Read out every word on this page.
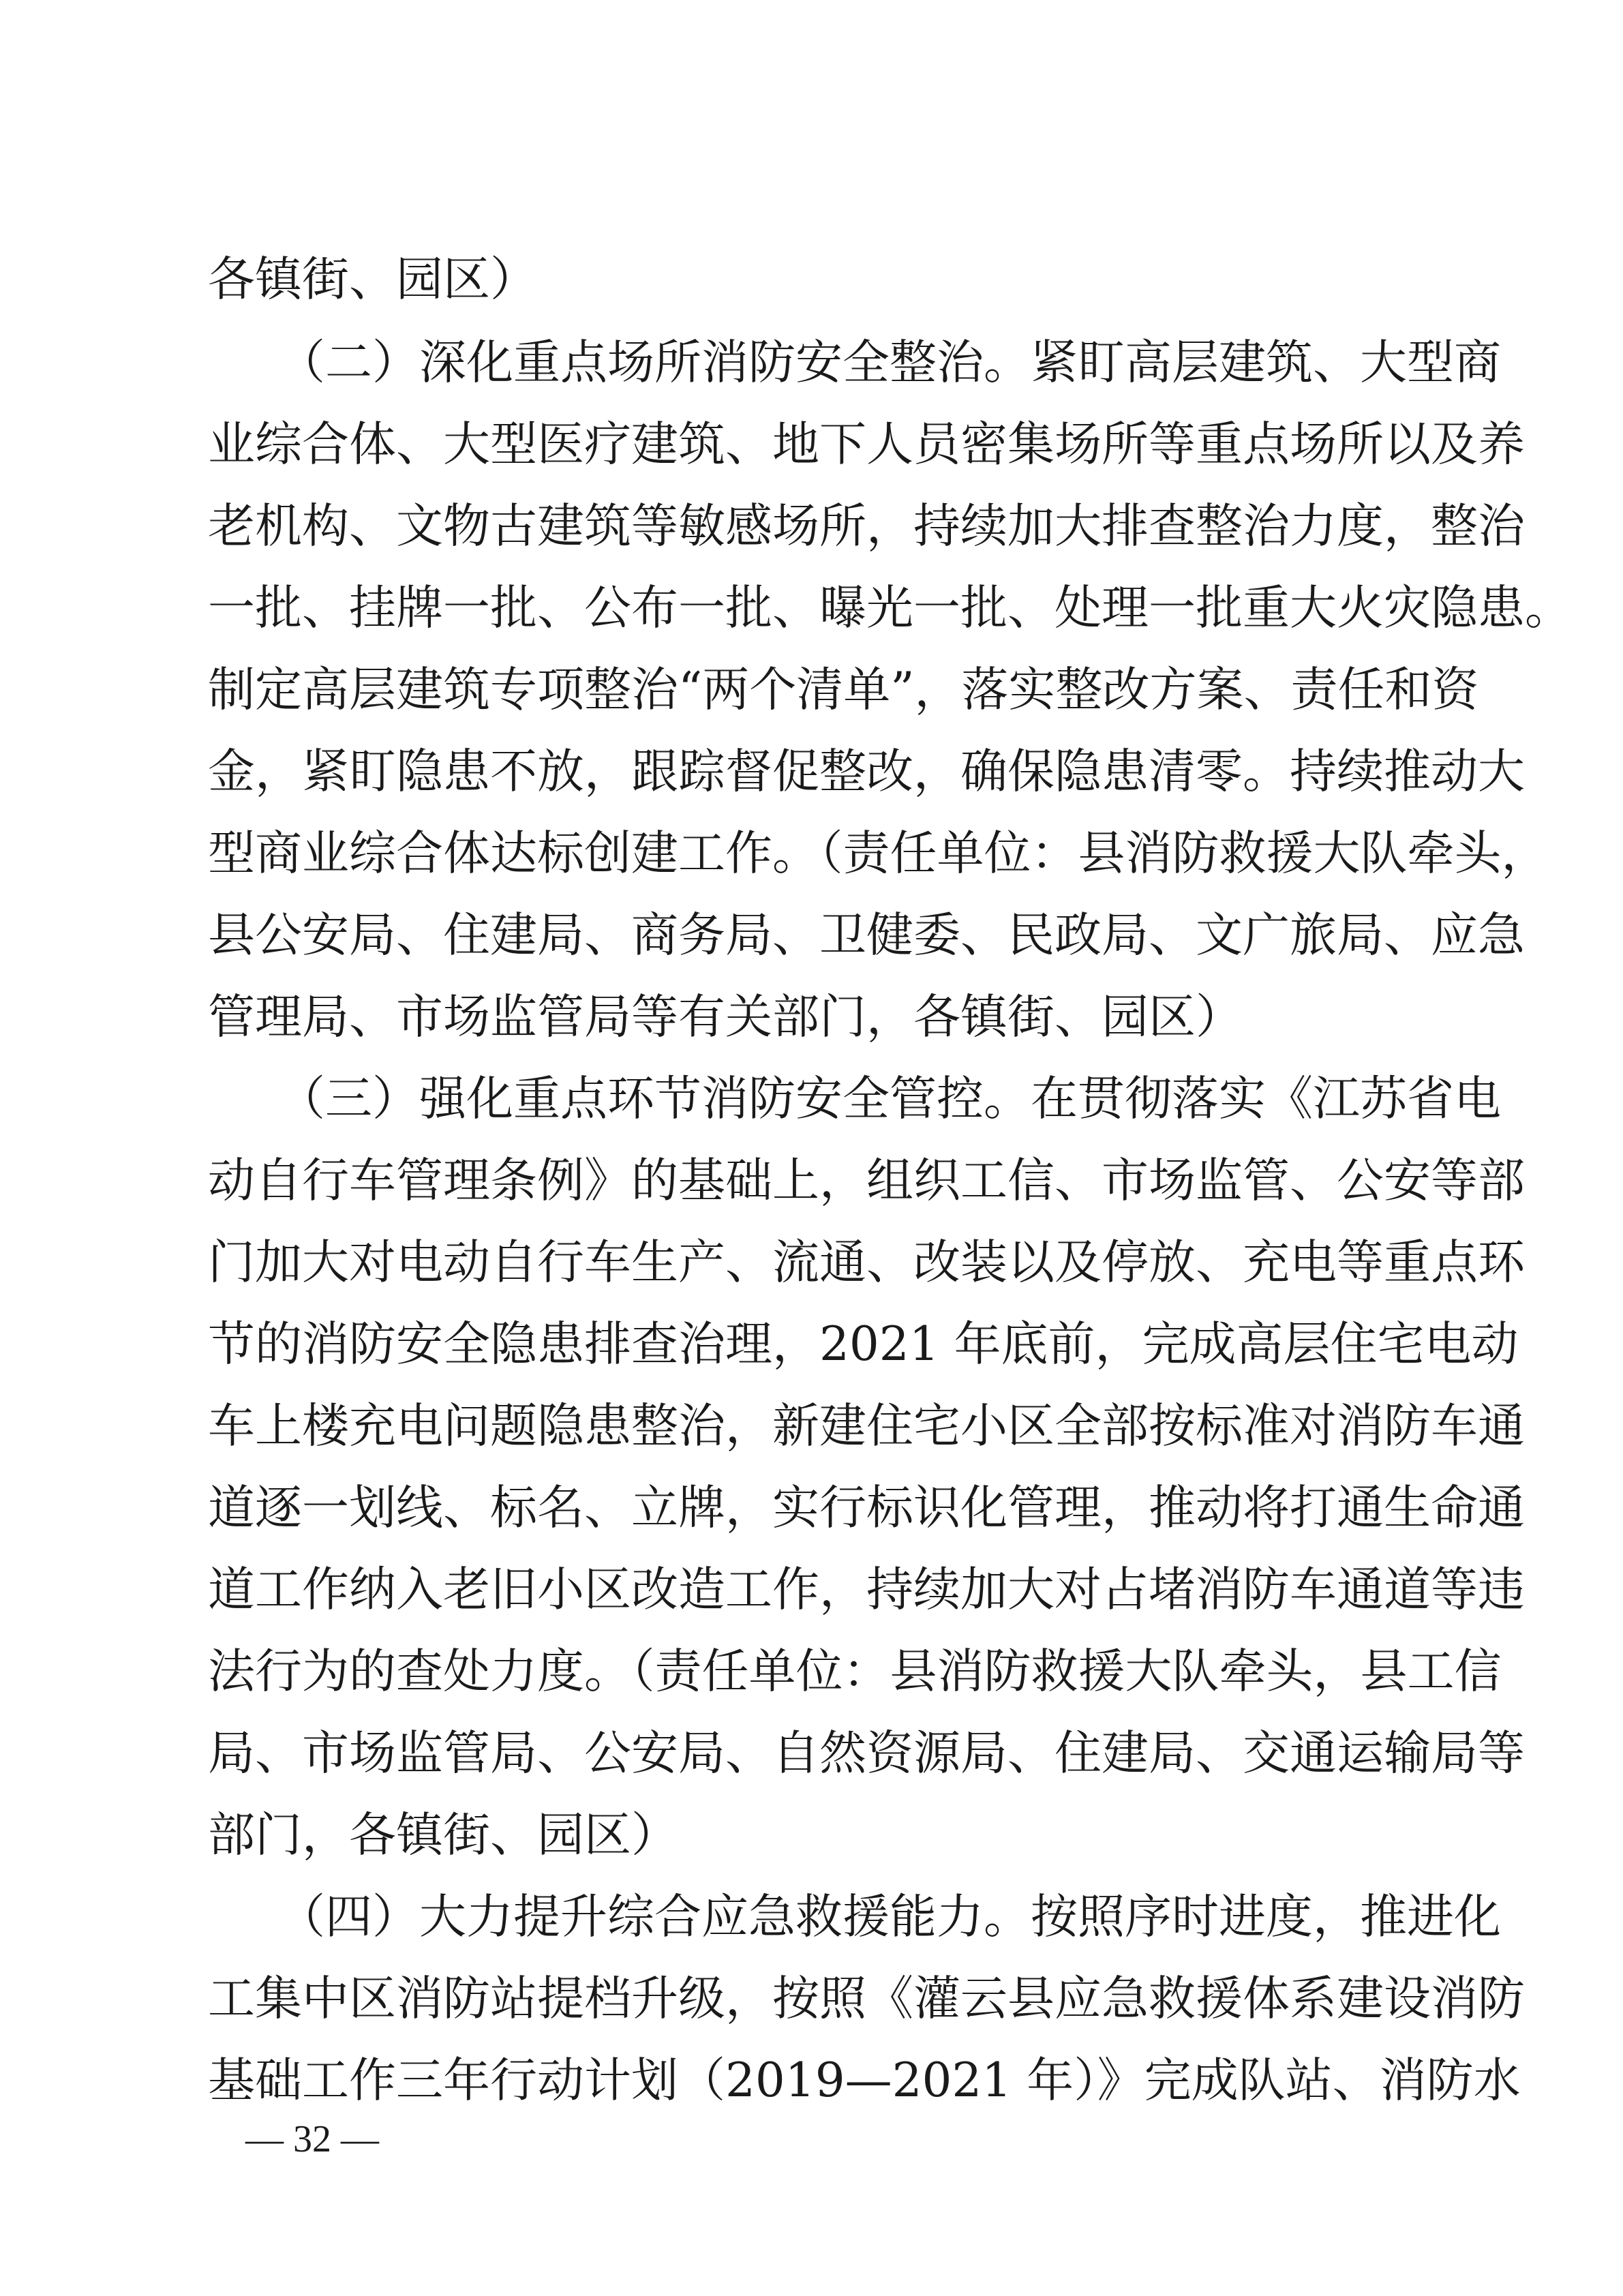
各镇街、园区）
（二）深化重点场所消防安全整治。紧盯高层建筑、大型商
业综合体、大型医疗建筑、地下人员密集场所等重点场所以及养
老机构、文物古建筑等敏感场所，持续加大排查整治力度，整治
一批、挂牌一批、公布一批、曝光一批、处理一批重大火灾隐患。
制定高层建筑专项整治“两个清单”，落实整改方案、责任和资
金，紧盯隐患不放，跟踪督促整改，确保隐患清零。持续推动大
型商业综合体达标创建工作。（责任单位：县消防救援大队牵头，
县公安局、住建局、商务局、卫健委、民政局、文广旅局、应急
管理局、市场监管局等有关部门，各镇街、园区）
（三）强化重点环节消防安全管控。在贯彻落实《江苏省电
动自行车管理条例》的基础上，组织工信、市场监管、公安等部
门加大对电动自行车生产、流通、改装以及停放、充电等重点环
节的消防安全隐患排查治理，2021 年底前，完成高层住宅电动
车上楼充电问题隐患整治，新建住宅小区全部按标准对消防车通
道逐一划线、标名、立牌，实行标识化管理，推动将打通生命通
道工作纳入老旧小区改造工作，持续加大对占堵消防车通道等违
法行为的查处力度。（责任单位：县消防救援大队牵头，县工信
局、市场监管局、公安局、自然资源局、住建局、交通运输局等
部门，各镇街、园区）
（四）大力提升综合应急救援能力。按照序时进度，推进化
工集中区消防站提档升级，按照《灌云县应急救援体系建设消防
基础工作三年行动计划（2019—2021 年）》完成队站、消防水
— 32 —
